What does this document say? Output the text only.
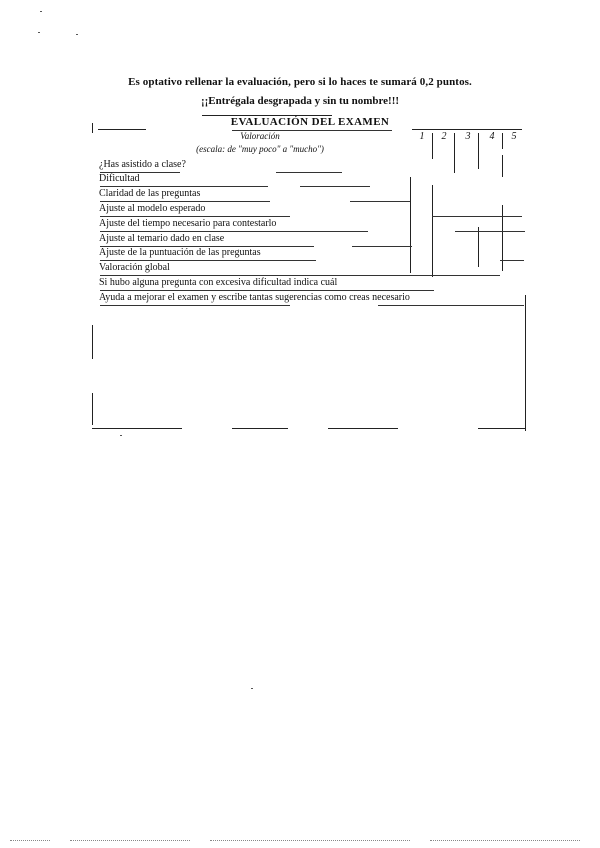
Es optativo rellenar la evaluación, pero si lo haces te sumará 0,2 puntos.
¡¡Entrégala desgrapada y sin tu nombre!!!
EVALUACIÓN DEL EXAMEN
Valoración
(escala: de "muy poco" a "mucho")
1	2	3	4	5
¿Has asistido a clase?
Dificultad
Claridad de las preguntas
Ajuste al modelo esperado
Ajuste del tiempo necesario para contestarlo
Ajuste al temario dado en clase
Ajuste de la puntuación de las preguntas
Valoración global
Si hubo alguna pregunta con excesiva dificultad indica cuál
Ayuda a mejorar el examen y escribe tantas sugerencias como creas necesario
